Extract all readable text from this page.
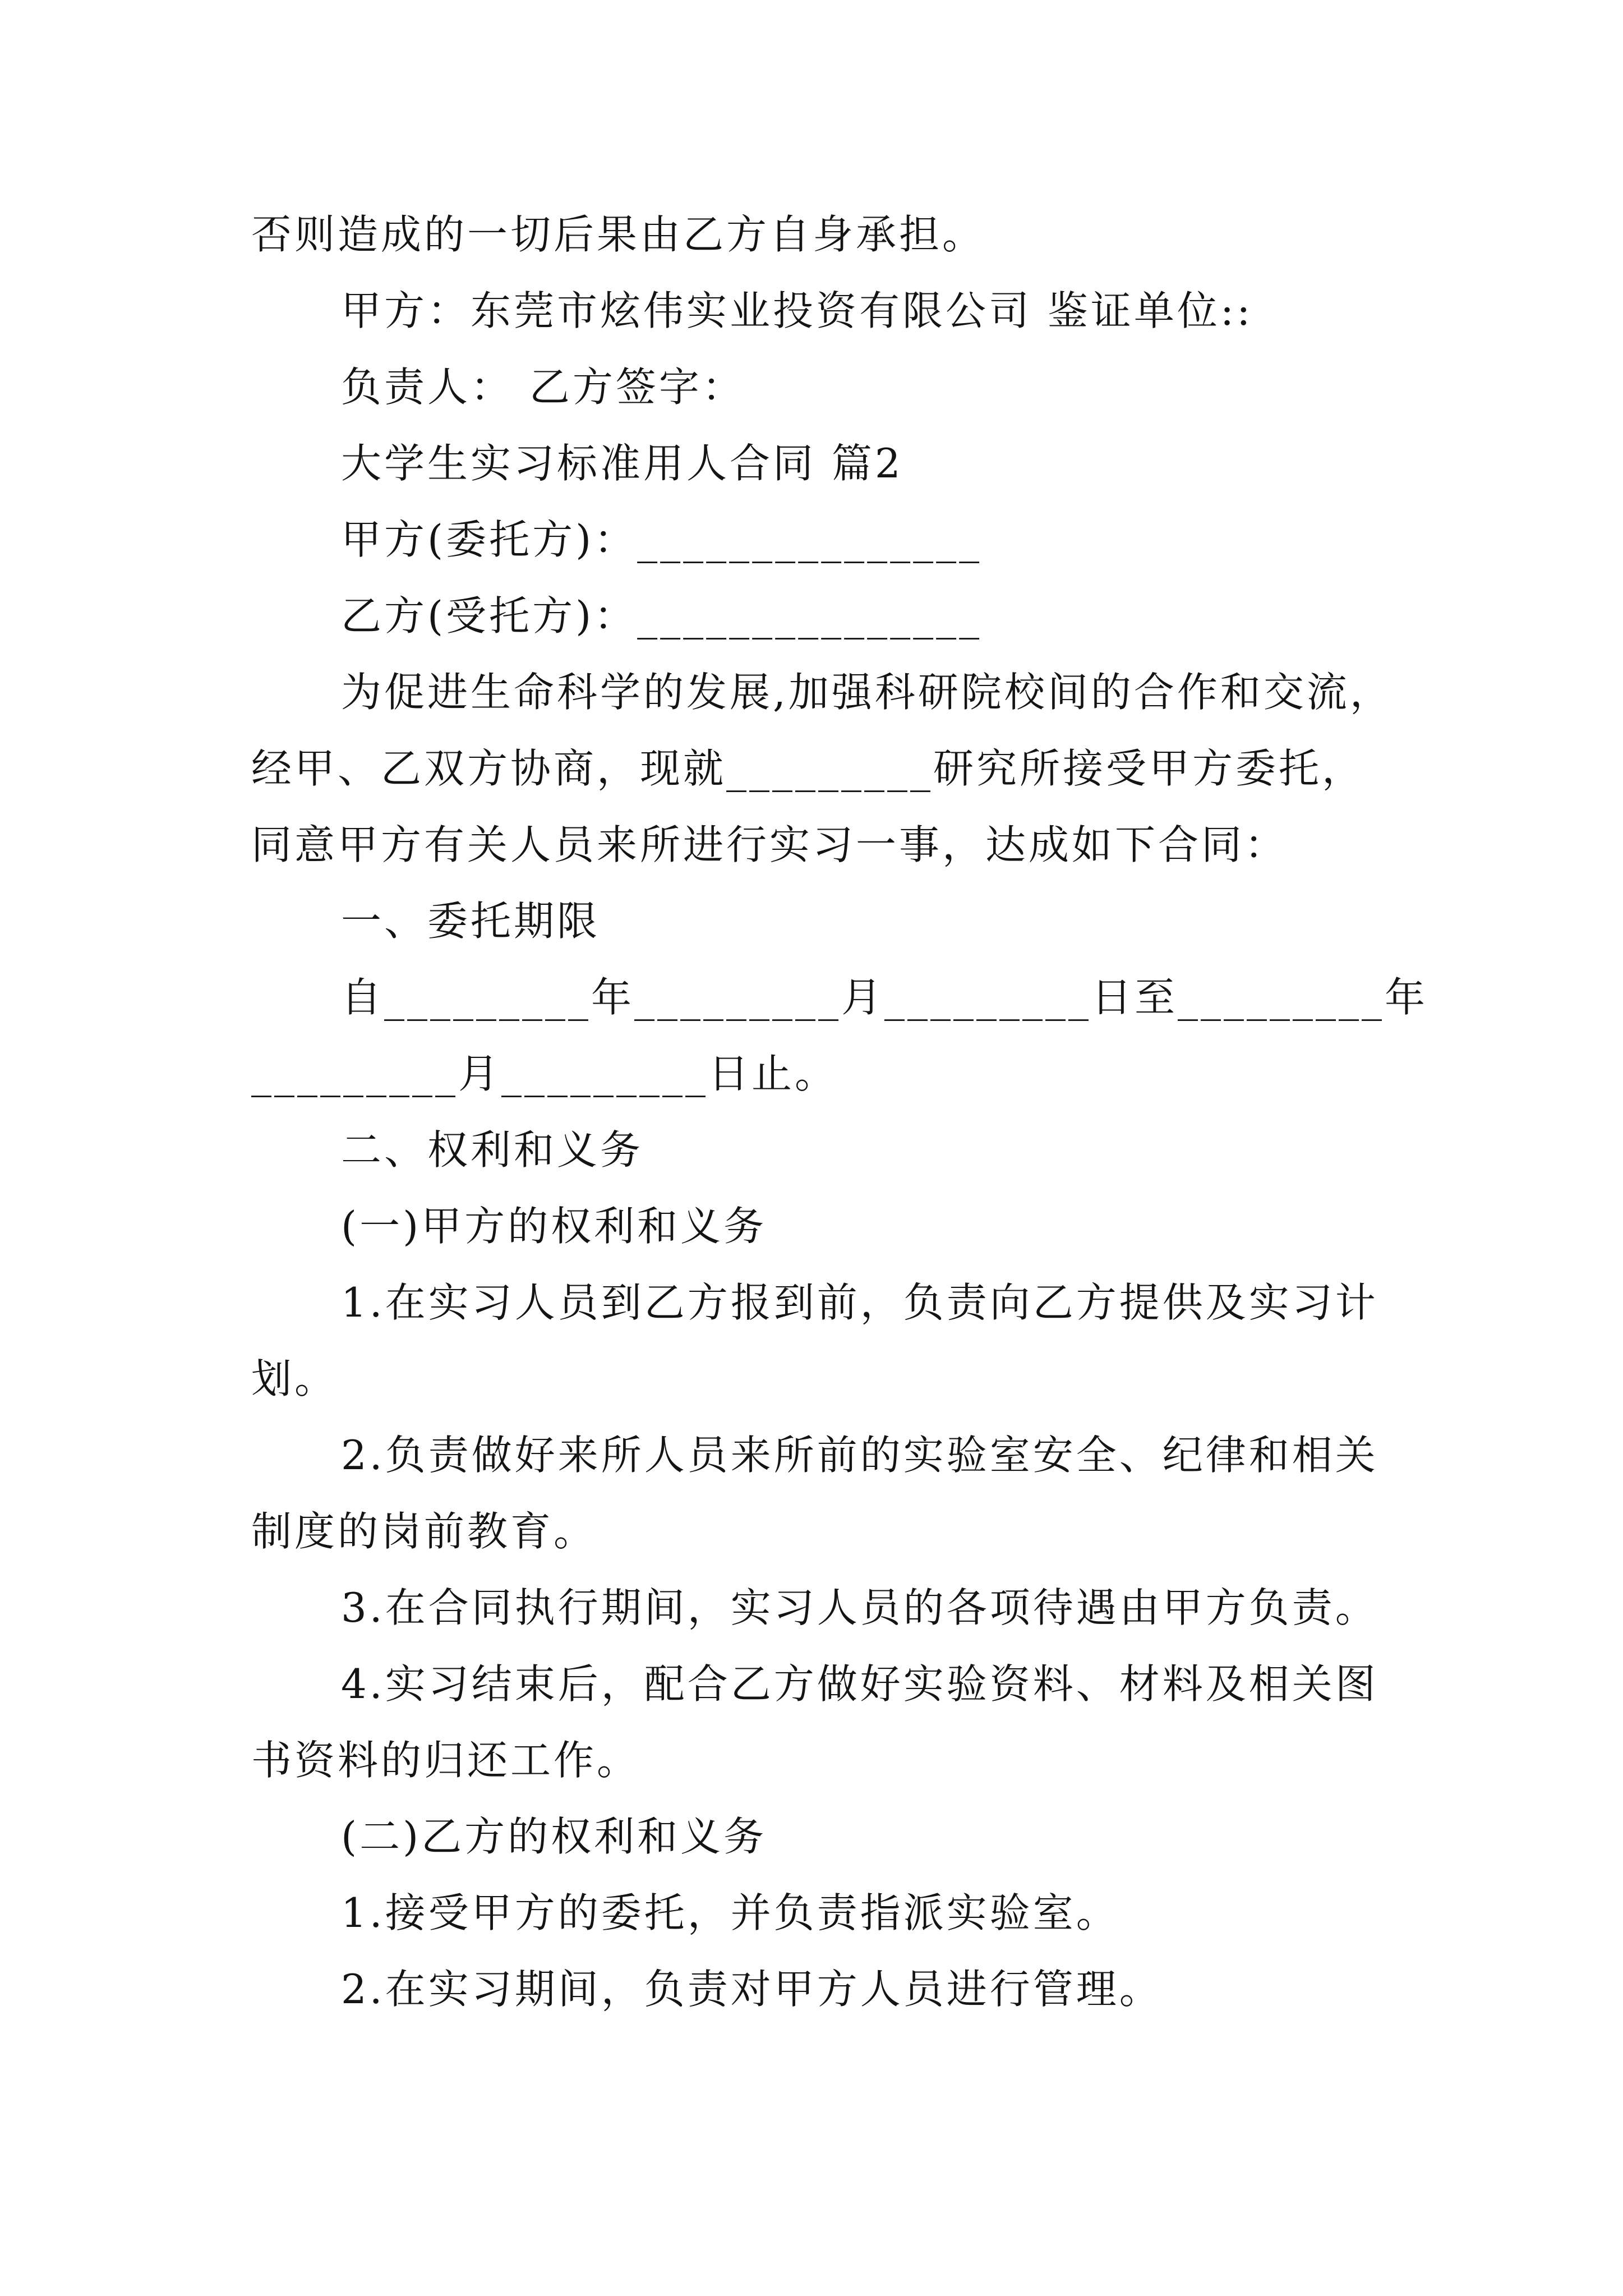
否则造成的一切后果由乙方自身承担。
甲方：东莞市炫伟实业投资有限公司 鉴证单位::
负责人： 乙方签字：
大学生实习标准用人合同 篇2
甲方(委托方)：_______________
乙方(受托方)：_______________
为促进生命科学的发展,加强科研院校间的合作和交流，
经甲、乙双方协商，现就_________研究所接受甲方委托，
同意甲方有关人员来所进行实习一事，达成如下合同：
一、委托期限
自_________年_________月_________日至_________年
_________月_________日止。
二、权利和义务
(一)甲方的权利和义务
1.在实习人员到乙方报到前，负责向乙方提供及实习计
划。
2.负责做好来所人员来所前的实验室安全、纪律和相关
制度的岗前教育。
3.在合同执行期间，实习人员的各项待遇由甲方负责。
4.实习结束后，配合乙方做好实验资料、材料及相关图
书资料的归还工作。
(二)乙方的权利和义务
1.接受甲方的委托，并负责指派实验室。
2.在实习期间，负责对甲方人员进行管理。
